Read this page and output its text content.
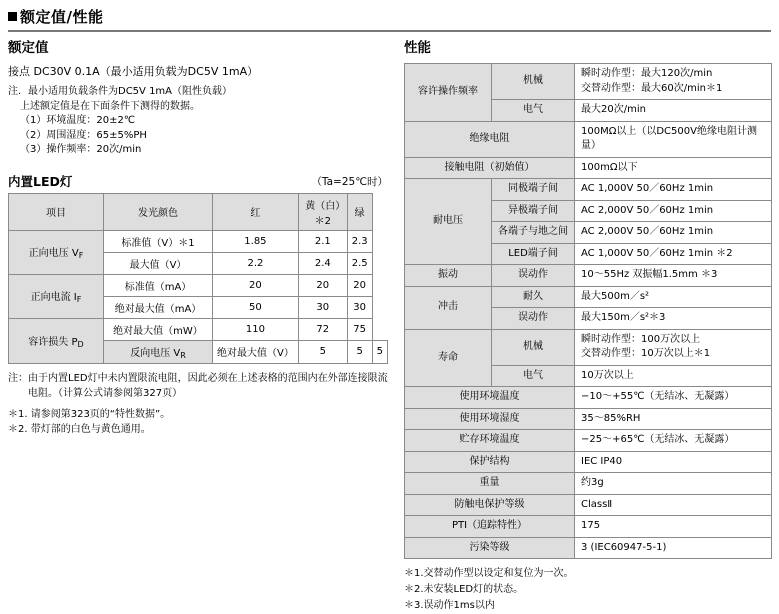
额定值/性能
额定值
接点 DC30V 0.1A（最小适用负载为DC5V 1mA）
注．最小适用负载条件为DC5V 1mA（阻性负载）
上述额定值是在下面条件下测得的数据。
（1）环境温度：20±2℃
（2）周围湿度：65±5%PH
（3）操作频率：20次/min
内置LED灯	（Ta=25℃时）
项目	发光颜色	红	黄（白）＊2	绿	
正向电压 $V_F$	标准值（V）＊1	1.85	2.1	2.3	
	最大值（V）	2.2	2.4	2.5	
正向电流 $I_F$	标准值（mA）	20	20	20	
	绝对最大值（mA）	50	30	30	
容许损失 $P_D$	绝对最大值（mW）	110	72	75	
	反向电压 $V_R$	绝对最大值（V）	5	5	5
注：由于内置LED灯中未内置限流电阻，因此必须在上述表格的范围内在外部连接限流电阻。（计算公式请参阅第327页）
＊1. 请参阅第323页的“特性数据”。
＊2. 带灯部的白色与黄色通用。
性能
容许操作频率	机械	瞬时动作型：最大120次/min
交替动作型：最大60次/min＊1
	电气	最大20次/min
绝缘电阻		100MΩ以上（以DC500V绝缘电阻计测量）
接触电阻（初始值）		100mΩ以下
耐电压	同极端子间	AC 1,000V 50／60Hz 1min
	异极端子间	AC 2,000V 50／60Hz 1min
	各端子与地之间	AC 2,000V 50／60Hz 1min
	LED端子间	AC 1,000V 50／60Hz 1min ＊2
振动	误动作	10～55Hz 双振幅1.5mm ＊3
冲击	耐久	最大500m／s²
	误动作	最大150m／s²＊3
寿命	机械	瞬时动作型：100万次以上
交替动作型：10万次以上＊1
	电气	10万次以上
使用环境温度		−10～+55℃（无结冰、无凝露）
使用环境湿度		35～85%RH
贮存环境温度		−25～+65℃（无结冰、无凝露）
保护结构		IEC IP40
重量		约3g
防触电保护等级		ClassⅡ
PTI（追踪特性）		175
污染等级		3 (IEC60947-5-1)
＊1.交替动作型以设定和复位为一次。
＊2.未安装LED灯的状态。
＊3.误动作1ms以内
